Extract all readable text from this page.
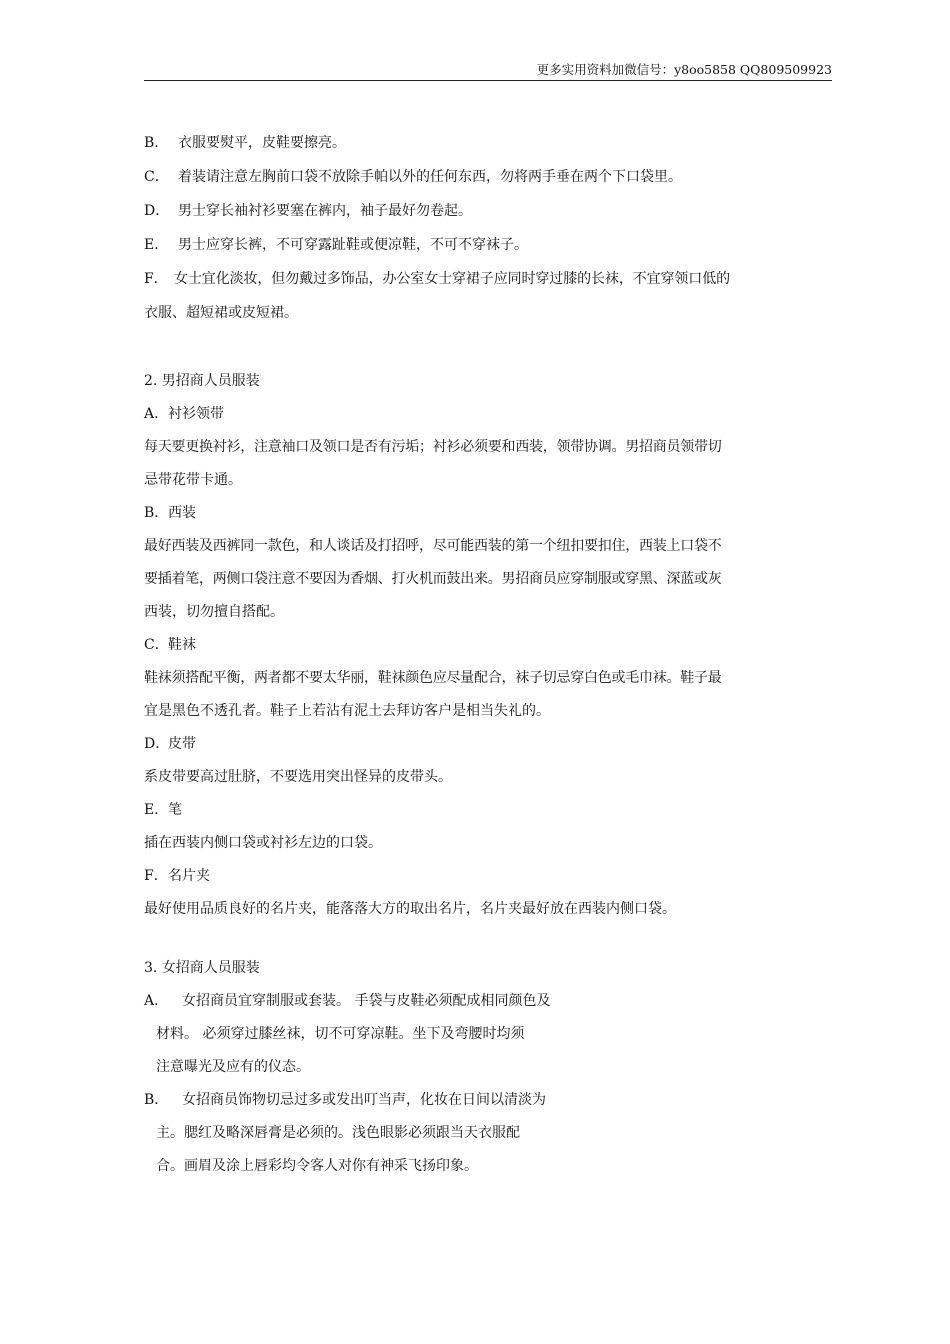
更多实用资料加微信号：y8oo5858 QQ809509923

B． 衣服要熨平，皮鞋要擦亮。

C． 着装请注意左胸前口袋不放除手帕以外的任何东西，勿将两手垂在两个下口袋里。

D． 男士穿长袖衬衫要塞在裤内，袖子最好勿卷起。

E． 男士应穿长裤，不可穿露趾鞋或便凉鞋，不可不穿袜子。

F． 女士宜化淡妆，但勿戴过多饰品，办公室女士穿裙子应同时穿过膝的长袜，不宜穿领口低的

衣服、超短裙或皮短裙。

2. 男招商人员服装

A．衬衫领带

每天要更换衬衫，注意袖口及领口是否有污垢；衬衫必须要和西装，领带协调。男招商员领带切

忌带花带卡通。

B．西装

最好西装及西裤同一款色，和人谈话及打招呼，尽可能西装的第一个纽扣要扣住，西装上口袋不

要插着笔，两侧口袋注意不要因为香烟、打火机而鼓出来。男招商员应穿制服或穿黑、深蓝或灰

西装，切勿擅自搭配。

C．鞋袜

鞋袜须搭配平衡，两者都不要太华丽，鞋袜颜色应尽量配合，袜子切忌穿白色或毛巾袜。鞋子最

宜是黑色不透孔者。鞋子上若沾有泥土去拜访客户是相当失礼的。

D．皮带

系皮带要高过肚脐，不要选用突出怪异的皮带头。

E．笔

插在西装内侧口袋或衬衫左边的口袋。

F．名片夹

最好使用品质良好的名片夹，能落落大方的取出名片，名片夹最好放在西装内侧口袋。

3. 女招商人员服装

A． 女招商员宜穿制服或套装。 手袋与皮鞋必须配成相同颜色及

材料。 必须穿过膝丝袜，切不可穿凉鞋。坐下及弯腰时均须

注意曝光及应有的仪态。

B． 女招商员饰物切忌过多或发出叮当声，化妆在日间以清淡为

主。腮红及略深唇膏是必须的。浅色眼影必须跟当天衣服配

合。画眉及涂上唇彩均令客人对你有神采飞扬印象。
